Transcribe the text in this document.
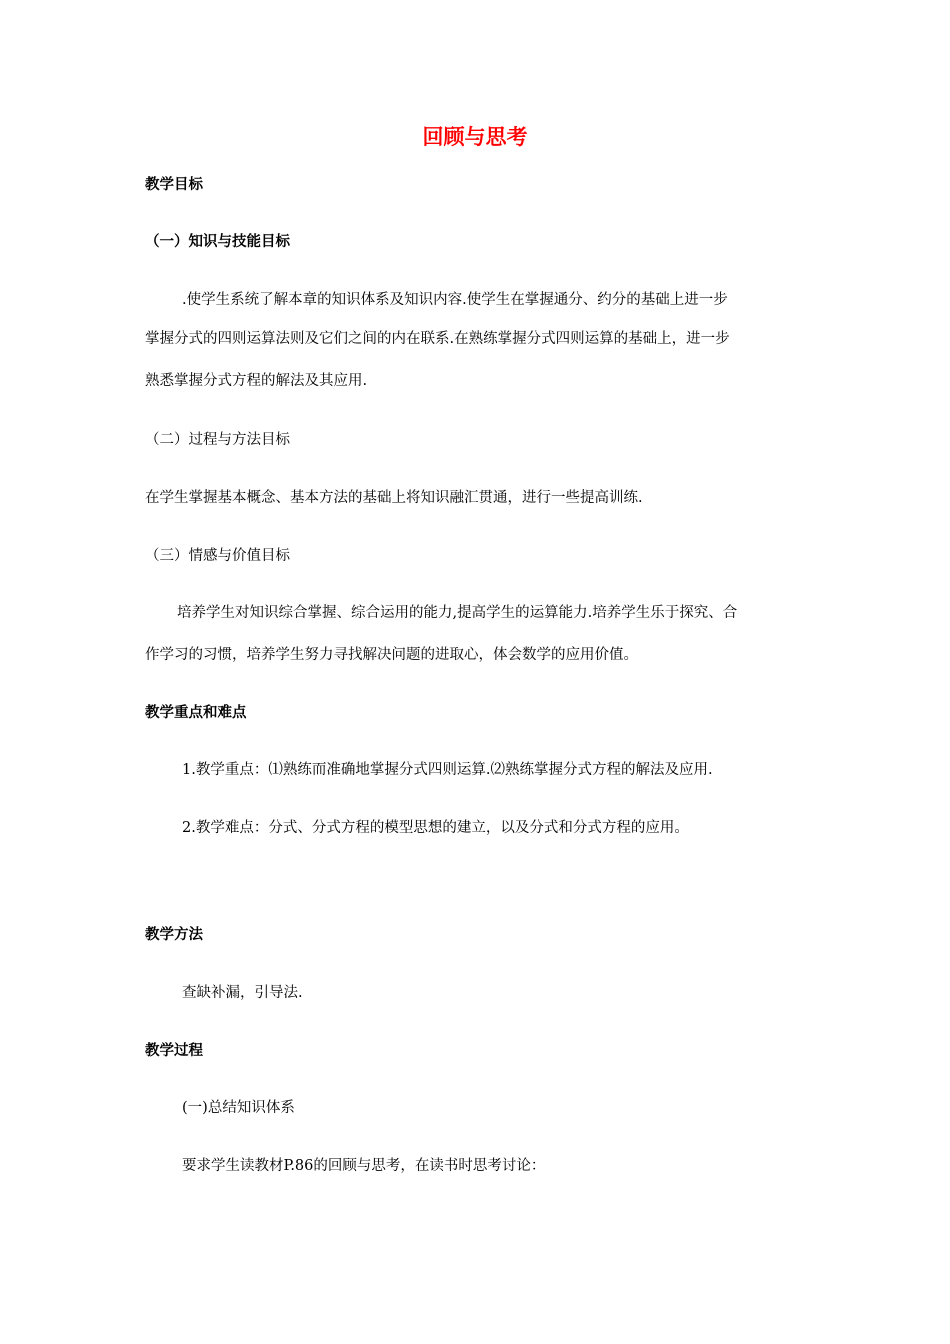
回顾与思考
教学目标
（一）知识与技能目标
.使学生系统了解本章的知识体系及知识内容.使学生在掌握通分、约分的基础上进一步
掌握分式的四则运算法则及它们之间的内在联系.在熟练掌握分式四则运算的基础上，进一步
熟悉掌握分式方程的解法及其应用.
（二）过程与方法目标
在学生掌握基本概念、基本方法的基础上将知识融汇贯通，进行一些提高训练.
（三）情感与价值目标
培养学生对知识综合掌握、综合运用的能力,提高学生的运算能力.培养学生乐于探究、合
作学习的习惯，培养学生努力寻找解决问题的进取心，体会数学的应用价值。
教学重点和难点
1.教学重点：⑴熟练而准确地掌握分式四则运算.⑵熟练掌握分式方程的解法及应用.
2.教学难点：分式、分式方程的模型思想的建立，以及分式和分式方程的应用。
教学方法
查缺补漏，引导法.
教学过程
(一)总结知识体系
要求学生读教材P.86的回顾与思考，在读书时思考讨论：
